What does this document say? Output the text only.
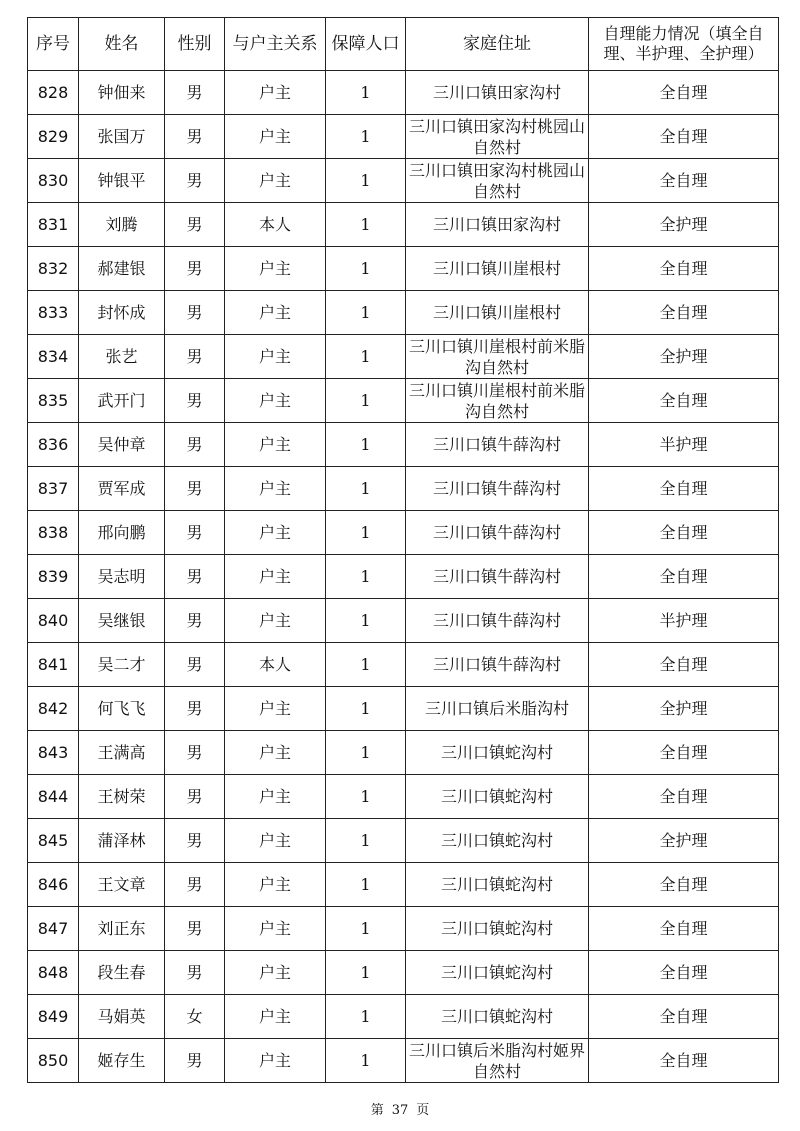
序号	姓名	性别	与户主关系	保障人口	家庭住址	自理能力情况（填全自理、半护理、全护理）
828	钟佃来	男	户主	1	三川口镇田家沟村	全自理
829	张国万	男	户主	1	三川口镇田家沟村桃园山自然村	全自理
830	钟银平	男	户主	1	三川口镇田家沟村桃园山自然村	全自理
831	刘腾	男	本人	1	三川口镇田家沟村	全护理
832	郝建银	男	户主	1	三川口镇川崖根村	全自理
833	封怀成	男	户主	1	三川口镇川崖根村	全自理
834	张艺	男	户主	1	三川口镇川崖根村前米脂沟自然村	全护理
835	武开门	男	户主	1	三川口镇川崖根村前米脂沟自然村	全自理
836	吴仲章	男	户主	1	三川口镇牛薛沟村	半护理
837	贾军成	男	户主	1	三川口镇牛薛沟村	全自理
838	邢向鹏	男	户主	1	三川口镇牛薛沟村	全自理
839	吴志明	男	户主	1	三川口镇牛薛沟村	全自理
840	吴继银	男	户主	1	三川口镇牛薛沟村	半护理
841	吴二才	男	本人	1	三川口镇牛薛沟村	全自理
842	何飞飞	男	户主	1	三川口镇后米脂沟村	全护理
843	王满高	男	户主	1	三川口镇蛇沟村	全自理
844	王树荣	男	户主	1	三川口镇蛇沟村	全自理
845	蒲泽林	男	户主	1	三川口镇蛇沟村	全护理
846	王文章	男	户主	1	三川口镇蛇沟村	全自理
847	刘正东	男	户主	1	三川口镇蛇沟村	全自理
848	段生春	男	户主	1	三川口镇蛇沟村	全自理
849	马娟英	女	户主	1	三川口镇蛇沟村	全自理
850	姬存生	男	户主	1	三川口镇后米脂沟村姬界自然村	全自理
第 37 页
